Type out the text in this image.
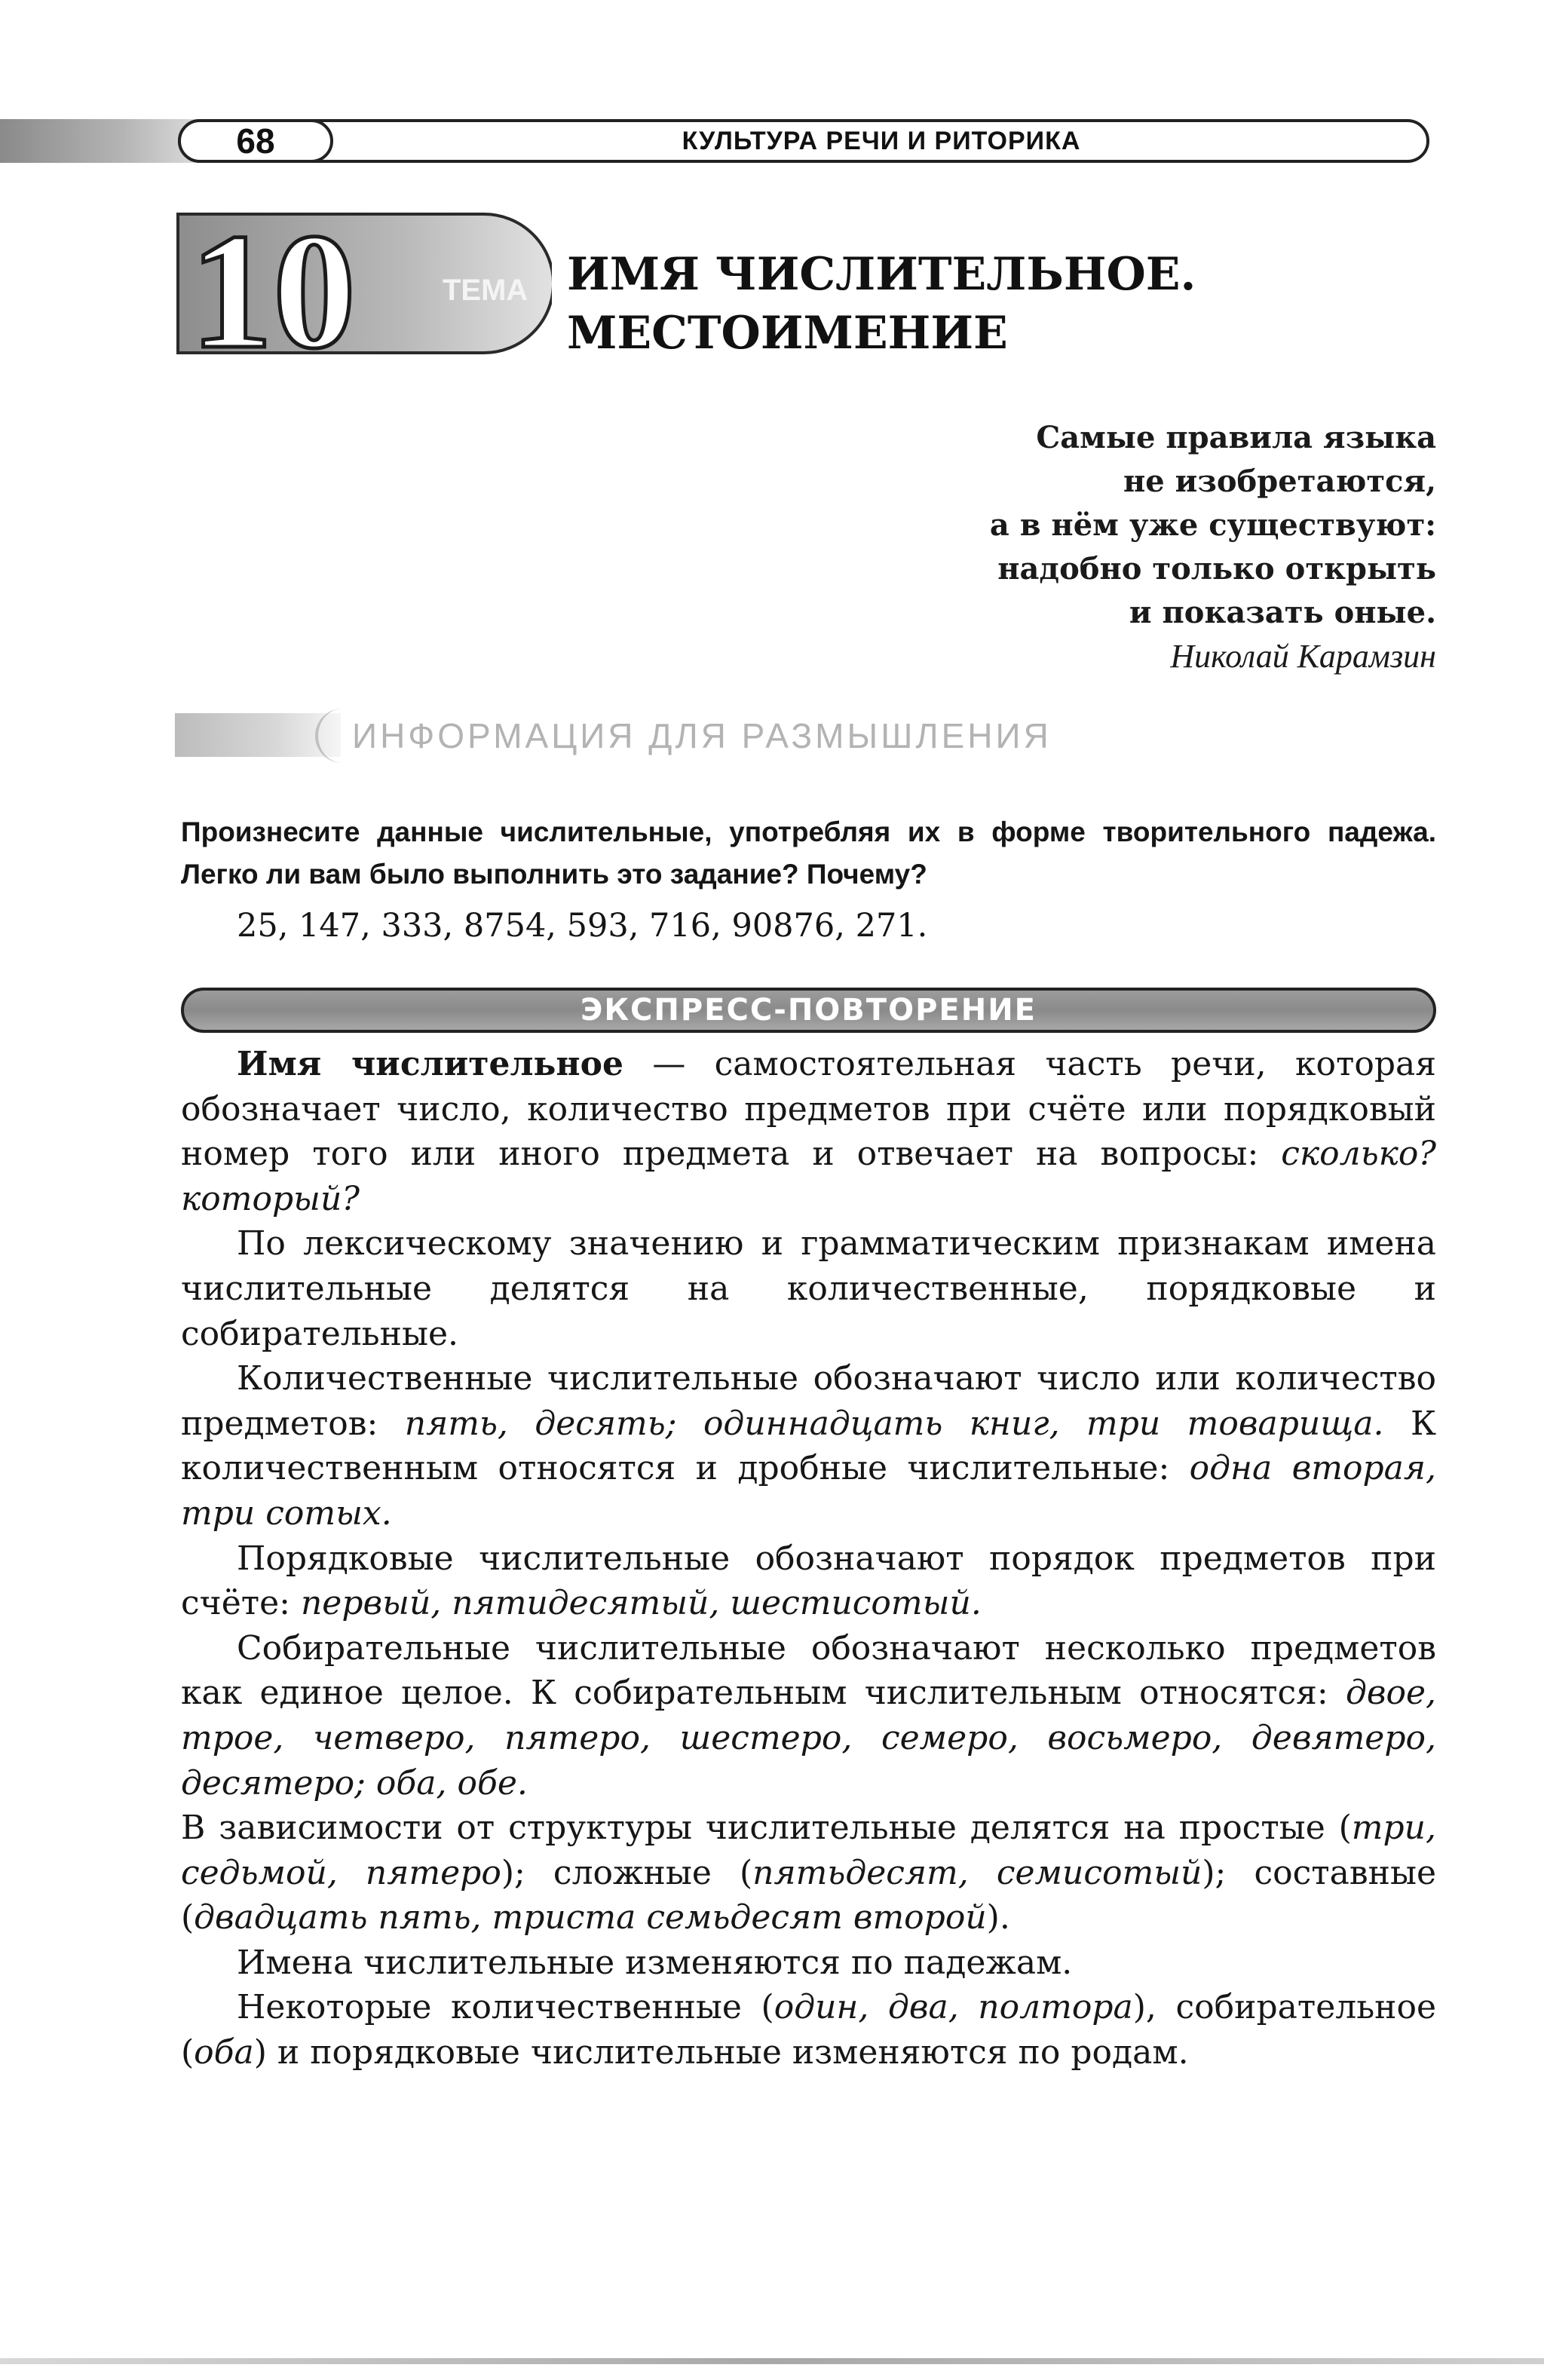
68	КУЛЬТУРА РЕЧИ И РИТОРИКА
10	ТЕМА ИМЯ ЧИСЛИТЕЛЬНОЕ.
МЕСТОИМЕНИЕ
Самые правила языка
не изобретаются,
а в нём уже существуют:
надобно только открыть
и показать оные.
Николай Карамзин
ИНФОРМАЦИЯ ДЛЯ РАЗМЫШЛЕНИЯ

Произнесите данные числительные, употребляя их в форме творительного падежа. Легко ли вам было выполнить это задание? Почему?

25, 147, 333, 8754, 593, 716, 90876, 271.

ЭКСПРЕСС-ПОВТОРЕНИЕ

Имя числительное — самостоятельная часть речи, которая обозначает число, количество предметов при счёте или порядковый номер того или иного предмета и отвечает на вопросы: сколько? который?

По лексическому значению и грамматическим признакам имена числительные делятся на количественные, порядковые и собирательные.

Количественные числительные обозначают число или количество предметов: пять, десять; одиннадцать книг, три товарища. К количественным относятся и дробные числительные: одна вторая, три сотых.

Порядковые числительные обозначают порядок предметов при счёте: первый, пятидесятый, шестисотый.

Собирательные числительные обозначают несколько предметов как единое целое. К собирательным числительным относятся: двое, трое, четверо, пятеро, шестеро, семеро, восьмеро, девятеро, десятеро; оба, обе.

В зависимости от структуры числительные делятся на простые (три, седьмой, пятеро); сложные (пятьдесят, семисотый); составные (двадцать пять, триста семьдесят второй).

Имена числительные изменяются по падежам.

Некоторые количественные (один, два, полтора), собирательное (оба) и порядковые числительные изменяются по родам.
